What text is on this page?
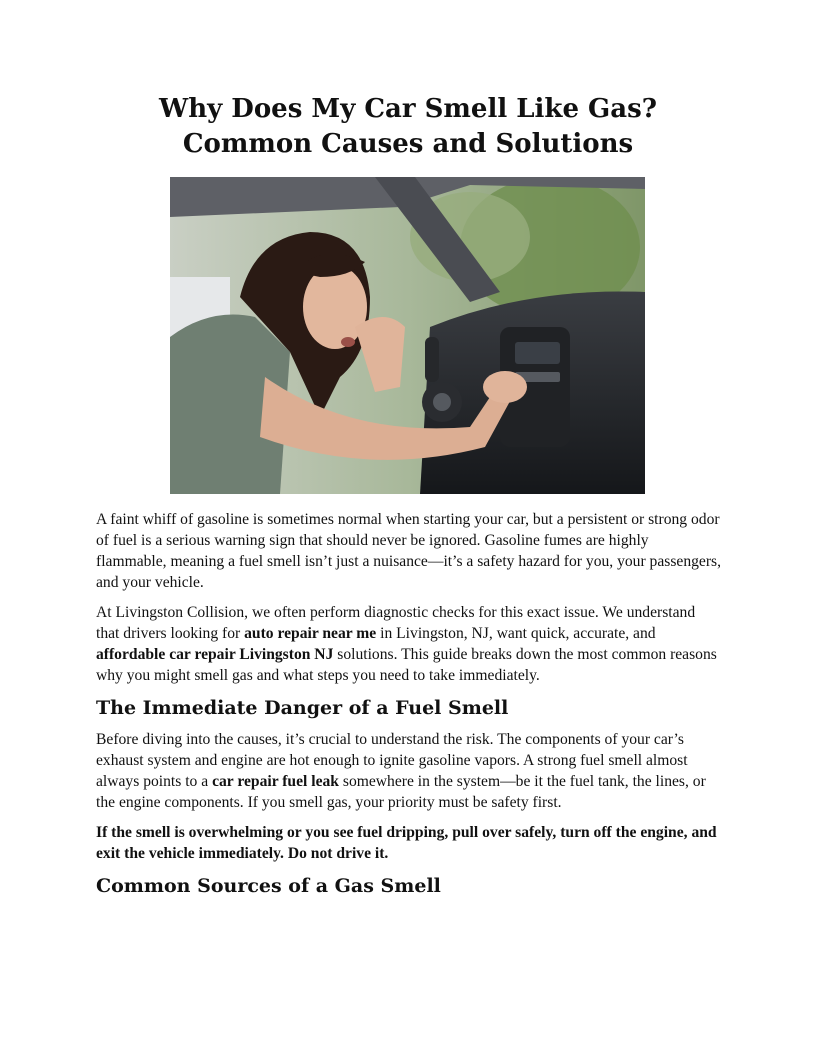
Why Does My Car Smell Like Gas? Common Causes and Solutions

A faint whiff of gasoline is sometimes normal when starting your car, but a persistent or strong odor of fuel is a serious warning sign that should never be ignored. Gasoline fumes are highly flammable, meaning a fuel smell isn’t just a nuisance—it’s a safety hazard for you, your passengers, and your vehicle.

At Livingston Collision, we often perform diagnostic checks for this exact issue. We understand that drivers looking for auto repair near me in Livingston, NJ, want quick, accurate, and affordable car repair Livingston NJ solutions. This guide breaks down the most common reasons why you might smell gas and what steps you need to take immediately.

The Immediate Danger of a Fuel Smell

Before diving into the causes, it’s crucial to understand the risk. The components of your car’s exhaust system and engine are hot enough to ignite gasoline vapors. A strong fuel smell almost always points to a car repair fuel leak somewhere in the system—be it the fuel tank, the lines, or the engine components. If you smell gas, your priority must be safety first.

If the smell is overwhelming or you see fuel dripping, pull over safely, turn off the engine, and exit the vehicle immediately. Do not drive it.

Common Sources of a Gas Smell
